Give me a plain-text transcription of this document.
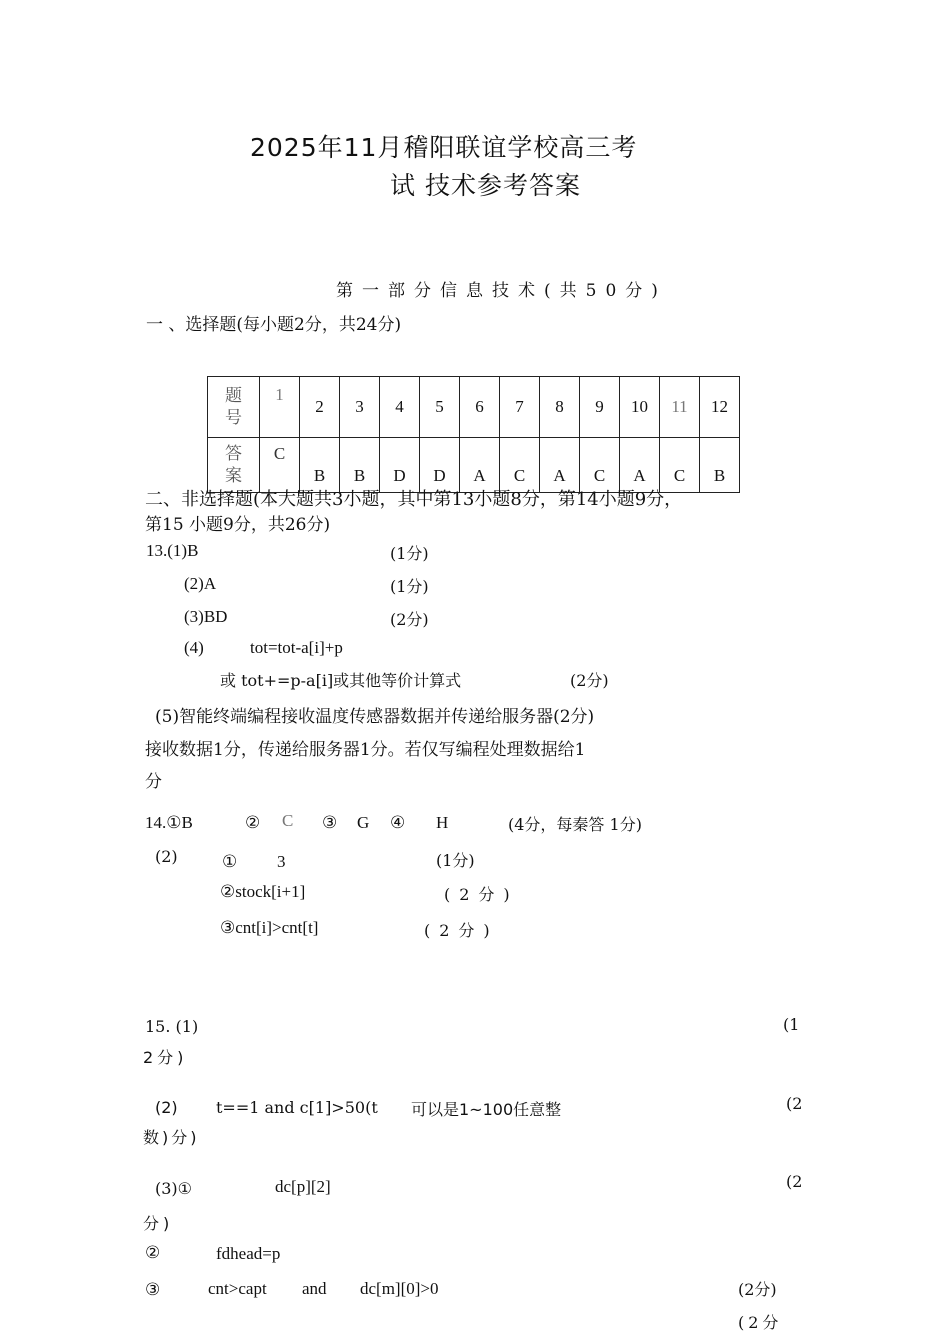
2025年11月稽阳联谊学校高三考
试 技术参考答案
第一部分信息技术(共50分)
一 、选择题(每小题2分，共24分)
题
号	1	2	3	4	5	6	7	8	9	10	11	12

答
案	C	B	B	D	D	A	C	A	C	A	C	B
二、非选择题(本大题共3小题，其中第13小题8分，第14小题9分，
第15 小题9分，共26分)
13.(1)B	(1分)
(2)A	(1分)
(3)BD	(2分)
(4)	tot=tot-a[i]+p
或 tot+=p-a[i]或其他等价计算式	(2分)
(5)智能终端编程接收温度传感器数据并传递给服务器(2分)
接收数据1分，传递给服务器1分。若仅写编程处理数据给1
分
14.①B	② C ③ G ④ H	(4分，每秦答 1分)
(2)	① 3	(1分)
②stock[i+1]	(2分)
③cnt[i]>cnt[t]	(2分)
15. (1)	(1
2分)
(2) t==1 and c[1]>50(t 可以是1~100任意整	(2
数)分)
(3)①	dc[p][2]	(2
分)
②	fdhead=p
③	cnt>capt and dc[m][0]>0	(2分)
(2分
